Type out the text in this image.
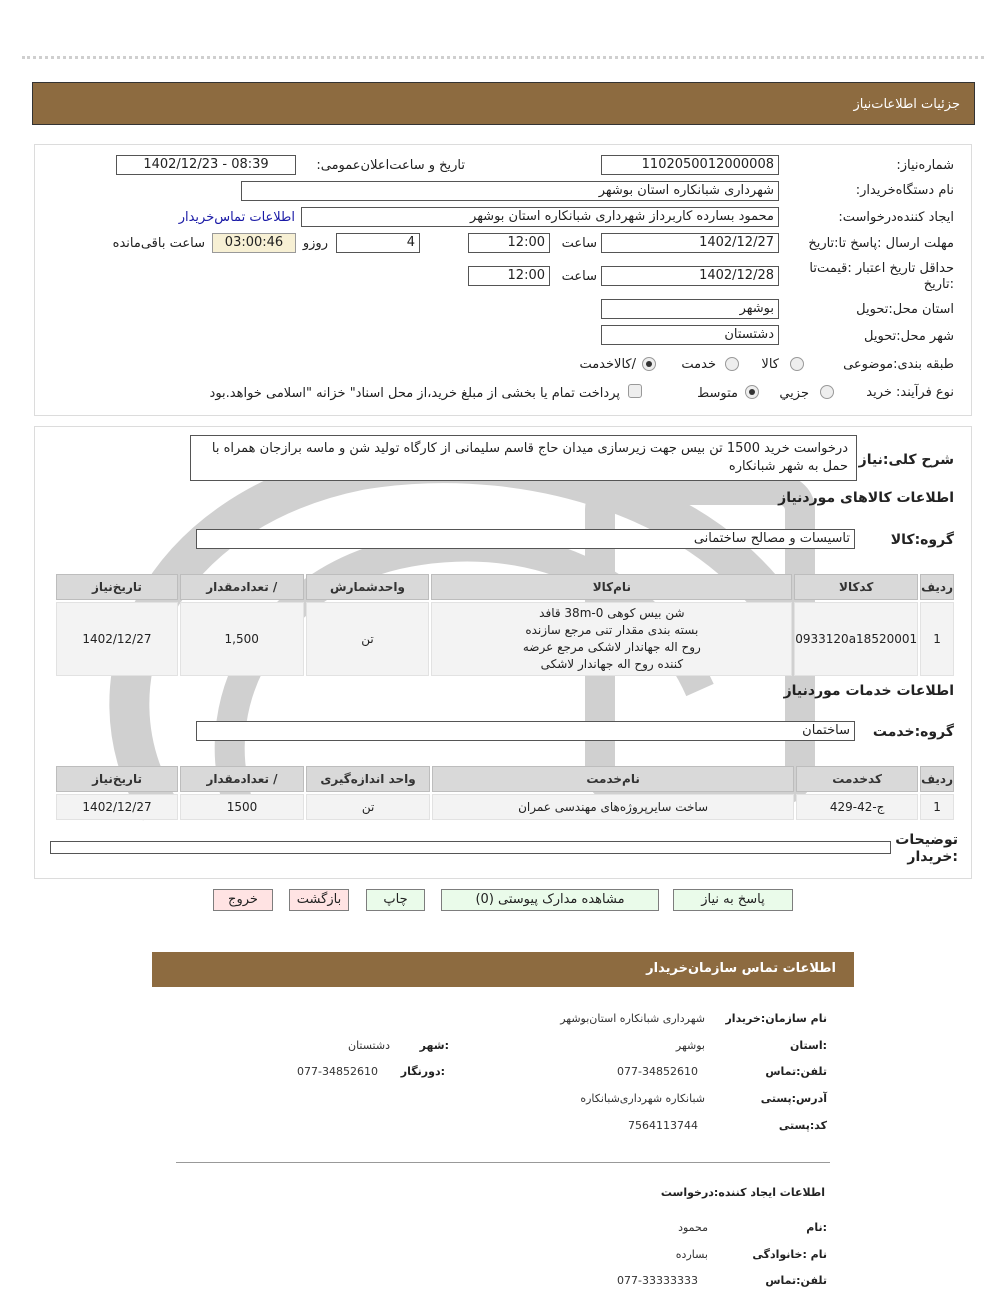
جزئیات اطلاعات‌نیاز
شماره‌نیاز:
1102050012000008
تاریخ و ساعت‌اعلان‌عمومی:
1402/12/23 - 08:39
نام دستگاه‌خریدار:
شهرداری شبانکاره استان بوشهر
ایجاد کننده‌درخواست:
محمود بسارده کاربرداز شهرداری شبانکاره استان بوشهر
اطلاعات تماس‌خریدار
مهلت ارسال :پاسخ تا:تاریخ
1402/12/27
ساعت
12:00
4
روزو
03:00:46
ساعت باقی‌مانده
حداقل تاریخ اعتبار :قیمت‌تا
:تاریخ
1402/12/28
ساعت
12:00
استان محل:تحویل
بوشهر
شهر محل:تحویل
دشتستان
طبقه بندی:موضوعی
کالا
خدمت
/کالاخدمت
نوع فرآیند: خرید
جزيي
متوسط
پرداخت تمام یا بخشی از مبلغ خرید،از محل اسناد" خزانه "اسلامی خواهد.بود
شرح کلی:نیاز
درخواست خرید 1500 تن بیس جهت زیرسازی میدان حاج قاسم سلیمانی از کارگاه تولید شن و ماسه برازجان همراه با حمل به شهر شبانکاره
اطلاعات کالاهای موردنیاز
گروه:کالا
تاسیسات و مصالح ساختمانی
ردیف	کدکالا	نام‌کالا	واحدشمارش	/ تعدادمقدار	تاریخ‌نیاز
1	0933120a18520001	شن بیس کوهی 0-38m قافد
بسته بندی مقدار تنی مرجع سازنده
روح اله جهاندار لاشکی مرجع عرضه
کننده روح اله جهاندار لاشکی	تن	1,500	1402/12/27
اطلاعات خدمات موردنیاز
گروه:خدمت
ساختمان
ردیف	کدخدمت	نام‌خدمت	واحد اندازه‌گیری	/ تعدادمقدار	تاریخ‌نیاز
1	ج-42-429	ساخت سایرپروژه‌های مهندسی عمران	تن	1500	1402/12/27
توضیحات
:خریدار
پاسخ به نیاز
مشاهده مدارک پیوستی (0)
چاپ
بازگشت
خروج
اطلاعات تماس سازمان‌خریدار
نام سازمان:خریدار
شهرداری شبانکاره استان‌بوشهر
:استان
بوشهر
:شهر
دشتستان
تلفن:تماس
077-34852610
:دورنگار
077-34852610
آدرس:پستی
شبانکاره شهرداری‌شبانکاره
کد:پستی
7564113744
اطلاعات ایجاد کننده:درخواست
:نام
محمود
نام :خانوادگی
بسارده
تلفن:تماس
077-33333333
